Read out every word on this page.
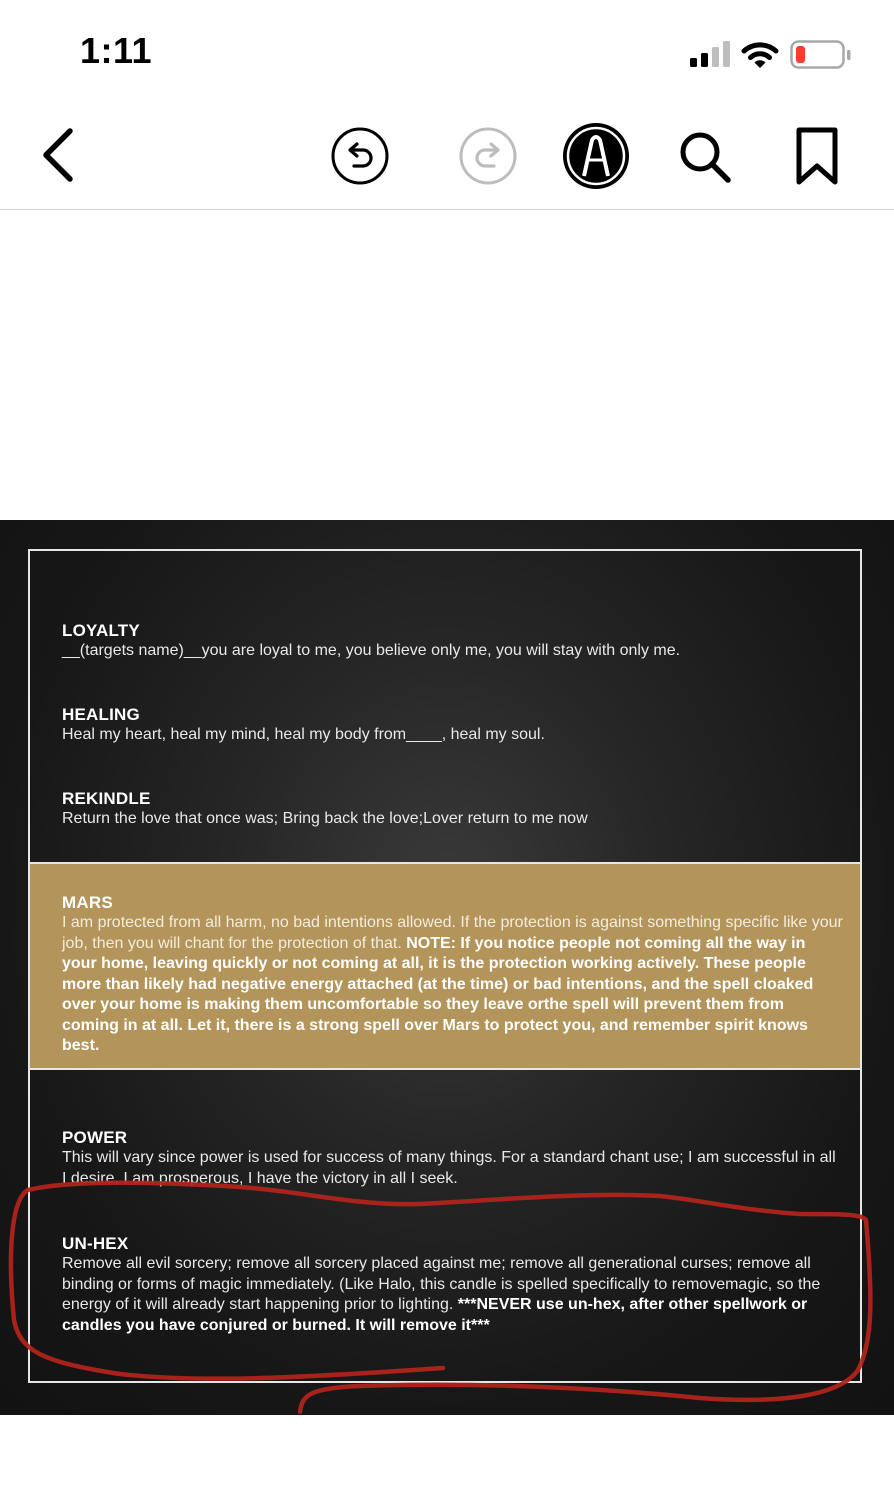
1:11
LOYALTY
__(targets name)__you are loyal to me, you believe only me, you will stay with only me.
HEALING
Heal my heart, heal my mind, heal my body from____, heal my soul.
REKINDLE
Return the love that once was; Bring back the love;Lover return to me now
MARS
I am protected from all harm, no bad intentions allowed. If the protection is against something specific like your job, then you will chant for the protection of that. NOTE: If you notice people not coming all the way in your home, leaving quickly or not coming at all, it is the protection working actively. These people more than likely had negative energy attached (at the time) or bad intentions, and the spell cloaked over your home is making them uncomfortable so they leave orthe spell will prevent them from coming in at all. Let it, there is a strong spell over Mars to protect you, and remember spirit knows best.
POWER
This will vary since power is used for success of many things. For a standard chant use; I am successful in all I desire, I am prosperous, I have the victory in all I seek.
UN-HEX
Remove all evil sorcery; remove all sorcery placed against me; remove all generational curses; remove all binding or forms of magic immediately. (Like Halo, this candle is spelled specifically to removemagic, so the energy of it will already start happening prior to lighting. ***NEVER use un-hex, after other spellwork or candles you have conjured or burned. It will remove it***
